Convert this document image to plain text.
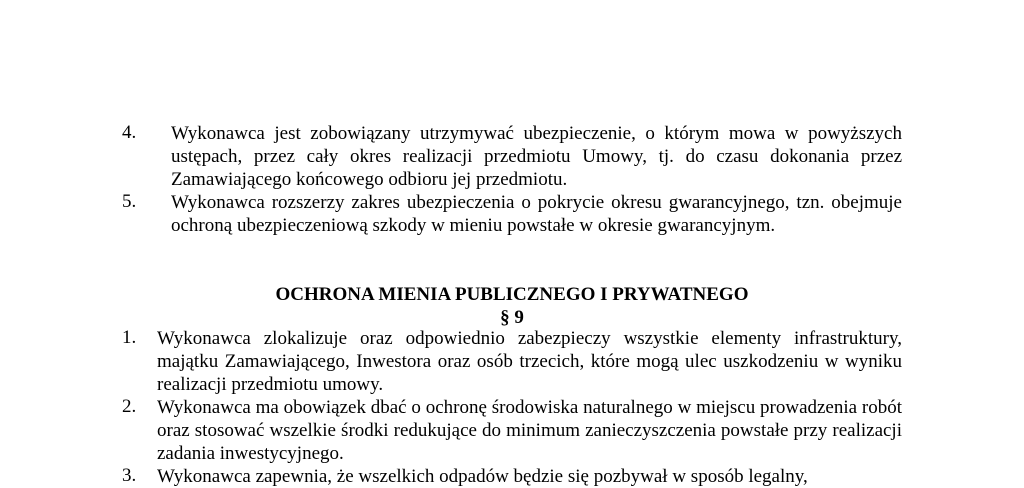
4. Wykonawca jest zobowiązany utrzymywać ubezpieczenie, o którym mowa w powyższych ustępach, przez cały okres realizacji przedmiotu Umowy, tj. do czasu dokonania przez Zamawiającego końcowego odbioru jej przedmiotu.
5. Wykonawca rozszerzy zakres ubezpieczenia o pokrycie okresu gwarancyjnego, tzn. obejmuje ochroną ubezpieczeniową szkody w mieniu powstałe w okresie gwarancyjnym.
OCHRONA MIENIA PUBLICZNEGO I PRYWATNEGO
§ 9
1. Wykonawca zlokalizuje oraz odpowiednio zabezpieczy wszystkie elementy infrastruktury, majątku Zamawiającego, Inwestora oraz osób trzecich, które mogą ulec uszkodzeniu w wyniku realizacji przedmiotu umowy.
2. Wykonawca ma obowiązek dbać o ochronę środowiska naturalnego w miejscu prowadzenia robót oraz stosować wszelkie środki redukujące do minimum zanieczyszczenia powstałe przy realizacji zadania inwestycyjnego.
3. Wykonawca zapewnia, że wszelkich odpadów będzie się pozbywał w sposób legalny,
